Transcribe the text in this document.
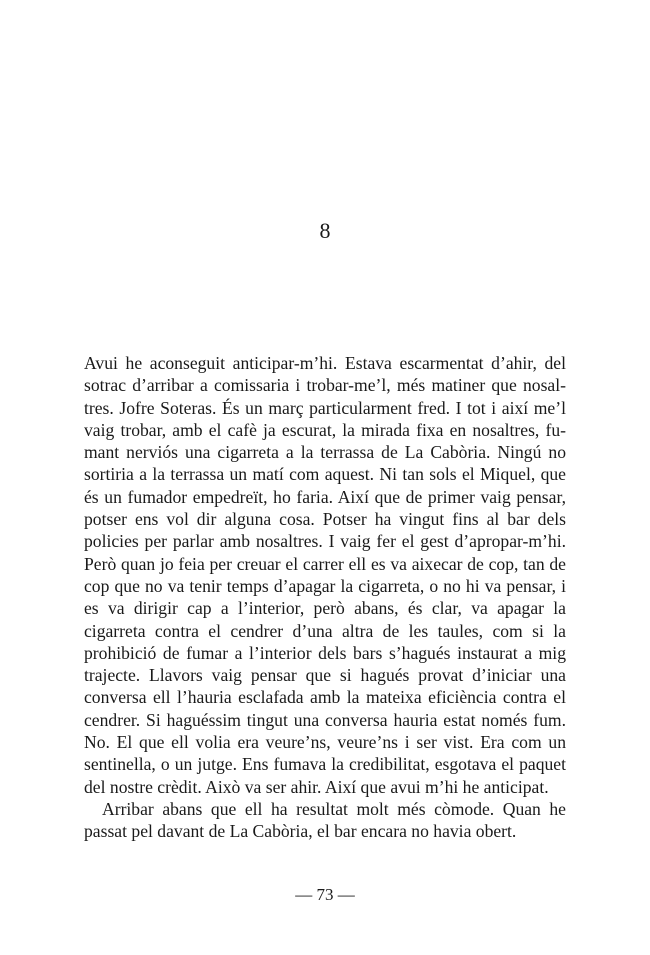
8

Avui he aconseguit anticipar-m’hi. Estava escarmentat d’ahir, del sotrac d’arribar a comissaria i trobar-me’l, més matiner que nosaltres. Jofre Soteras. És un març particularment fred. I tot i així me’l vaig trobar, amb el cafè ja escurat, la mirada fixa en nosaltres, fumant nerviós una cigarreta a la terrassa de La Cabòria. Ningú no sortiria a la terrassa un matí com aquest. Ni tan sols el Miquel, que és un fumador empedreït, ho faria. Així que de primer vaig pensar, potser ens vol dir alguna cosa. Potser ha vingut fins al bar dels policies per parlar amb nosaltres. I vaig fer el gest d’apropar-m’hi. Però quan jo feia per creuar el carrer ell es va aixecar de cop, tan de cop que no va tenir temps d’apagar la cigarreta, o no hi va pensar, i es va dirigir cap a l’interior, però abans, és clar, va apagar la cigarreta contra el cendrer d’una altra de les taules, com si la prohibició de fumar a l’interior dels bars s’hagués instaurat a mig trajecte. Llavors vaig pensar que si hagués provat d’iniciar una conversa ell l’hauria esclafada amb la mateixa eficiència contra el cendrer. Si haguéssim tingut una conversa hauria estat només fum. No. El que ell volia era veure’ns, veure’ns i ser vist. Era com un sentinella, o un jutge. Ens fumava la credibilitat, esgotava el paquet del nostre crèdit. Això va ser ahir. Així que avui m’hi he anticipat.

Arribar abans que ell ha resultat molt més còmode. Quan he passat pel davant de La Cabòria, el bar encara no havia obert.

— 73 —
